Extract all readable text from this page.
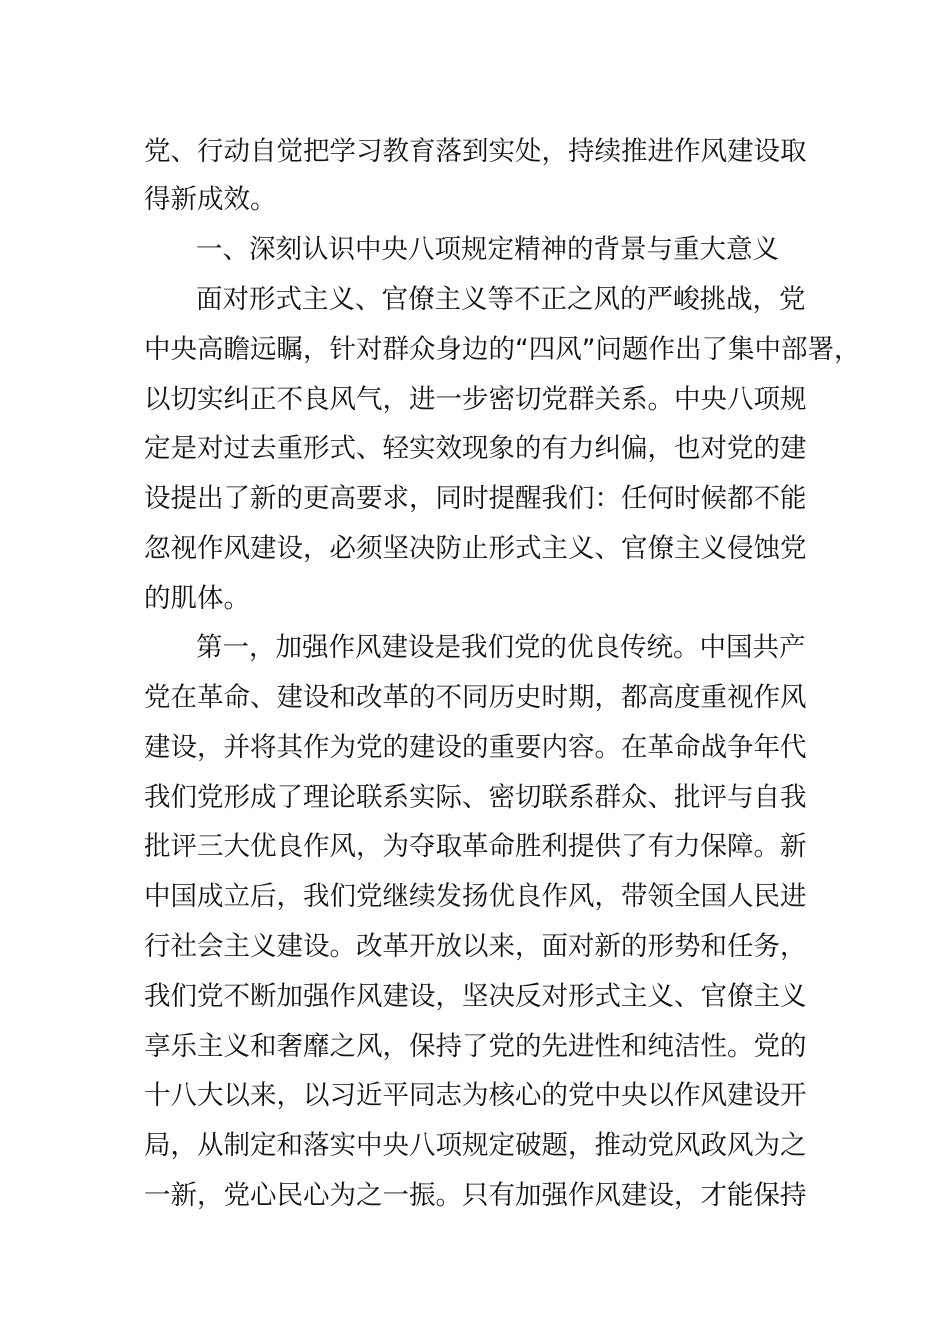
党、行动自觉把学习教育落到实处，持续推进作风建设取
得新成效。
一、深刻认识中央八项规定精神的背景与重大意义
面对形式主义、官僚主义等不正之风的严峻挑战，党
中央高瞻远瞩，针对群众身边的“四风”问题作出了集中部署，
以切实纠正不良风气，进一步密切党群关系。中央八项规
定是对过去重形式、轻实效现象的有力纠偏，也对党的建
设提出了新的更高要求，同时提醒我们：任何时候都不能
忽视作风建设，必须坚决防止形式主义、官僚主义侵蚀党
的肌体。
第一，加强作风建设是我们党的优良传统。中国共产
党在革命、建设和改革的不同历史时期，都高度重视作风
建设，并将其作为党的建设的重要内容。在革命战争年代
我们党形成了理论联系实际、密切联系群众、批评与自我
批评三大优良作风，为夺取革命胜利提供了有力保障。新
中国成立后，我们党继续发扬优良作风，带领全国人民进
行社会主义建设。改革开放以来，面对新的形势和任务，
我们党不断加强作风建设，坚决反对形式主义、官僚主义
享乐主义和奢靡之风，保持了党的先进性和纯洁性。党的
十八大以来，以习近平同志为核心的党中央以作风建设开
局，从制定和落实中央八项规定破题，推动党风政风为之
一新，党心民心为之一振。只有加强作风建设，才能保持
